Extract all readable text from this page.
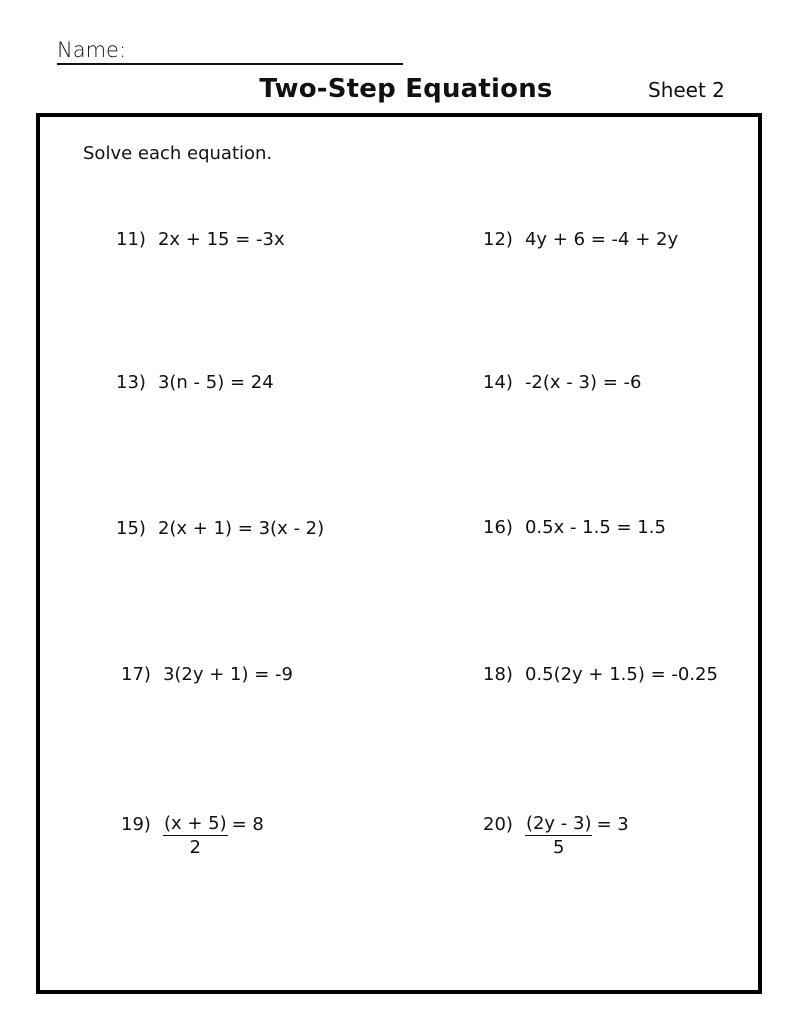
Name:
Two-Step Equations	Sheet 2
Solve each equation.
11) 2x + 15 = -3x	12) 4y + 6 = -4 + 2y
13) 3(n - 5) = 24	14) -2(x - 3) = -6
15) 2(x + 1) = 3(x - 2)	16) 0.5x - 1.5 = 1.5
17) 3(2y + 1) = -9	18) 0.5(2y + 1.5) = -0.25
$19) \frac{(x + 5)}{2} = 8$	$20) \frac{(2y - 3)}{5} = 3$
